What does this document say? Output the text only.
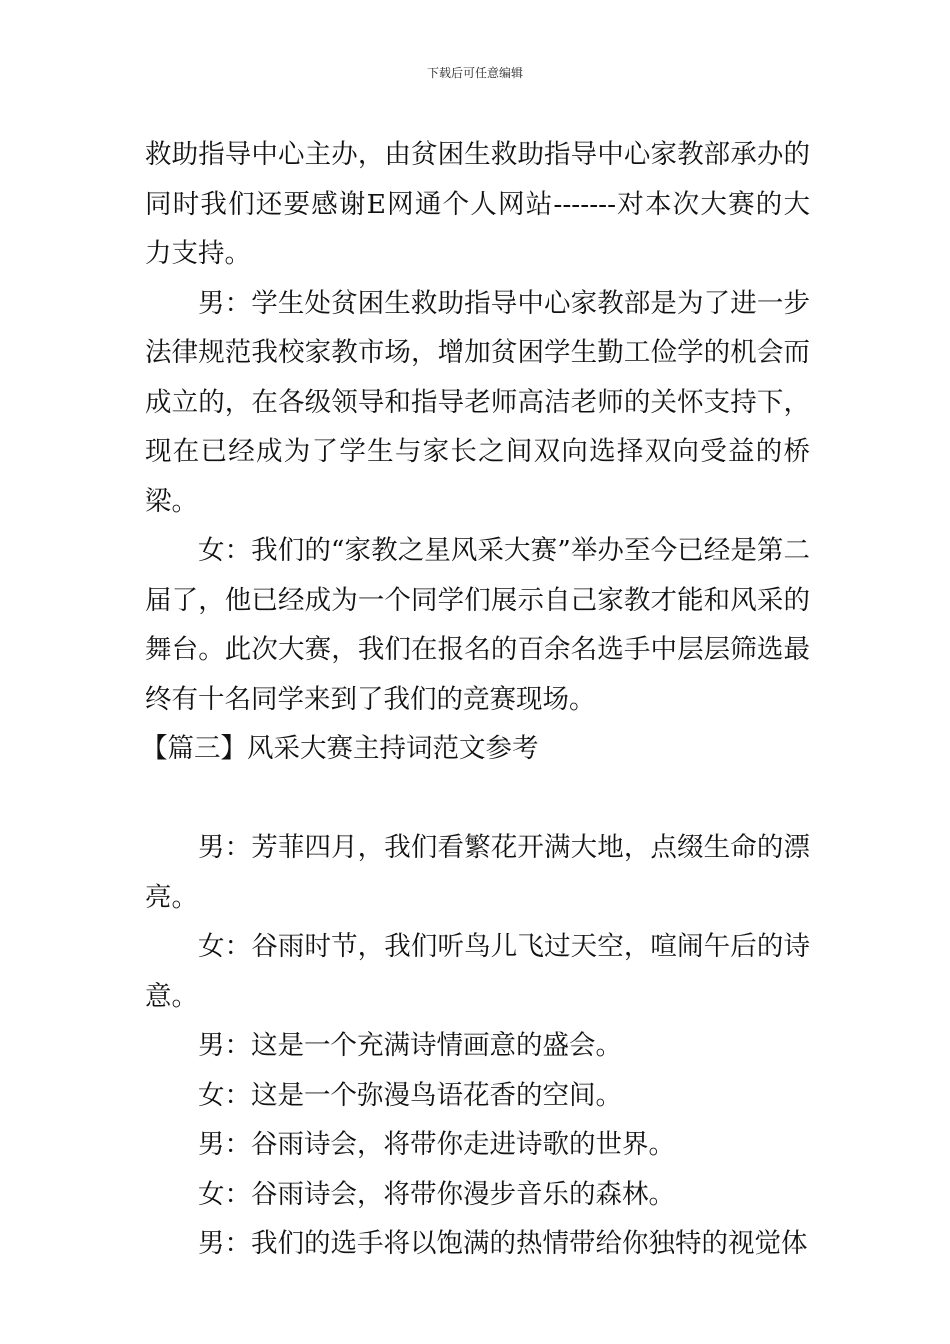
下载后可任意编辑

救助指导中心主办，由贫困生救助指导中心家教部承办的同时我们还要感谢E网通个人网站-------对本次大赛的大力支持。

男：学生处贫困生救助指导中心家教部是为了进一步法律规范我校家教市场，增加贫困学生勤工俭学的机会而成立的，在各级领导和指导老师高洁老师的关怀支持下，现在已经成为了学生与家长之间双向选择双向受益的桥梁。

女：我们的“家教之星风采大赛”举办至今已经是第二届了，他已经成为一个同学们展示自己家教才能和风采的舞台。此次大赛，我们在报名的百余名选手中层层筛选最终有十名同学来到了我们的竞赛现场。

【篇三】风采大赛主持词范文参考

男：芳菲四月，我们看繁花开满大地，点缀生命的漂亮。

女：谷雨时节，我们听鸟儿飞过天空，喧闹午后的诗意。

男：这是一个充满诗情画意的盛会。

女：这是一个弥漫鸟语花香的空间。

男：谷雨诗会，将带你走进诗歌的世界。

女：谷雨诗会，将带你漫步音乐的森林。

男：我们的选手将以饱满的热情带给你独特的视觉体
